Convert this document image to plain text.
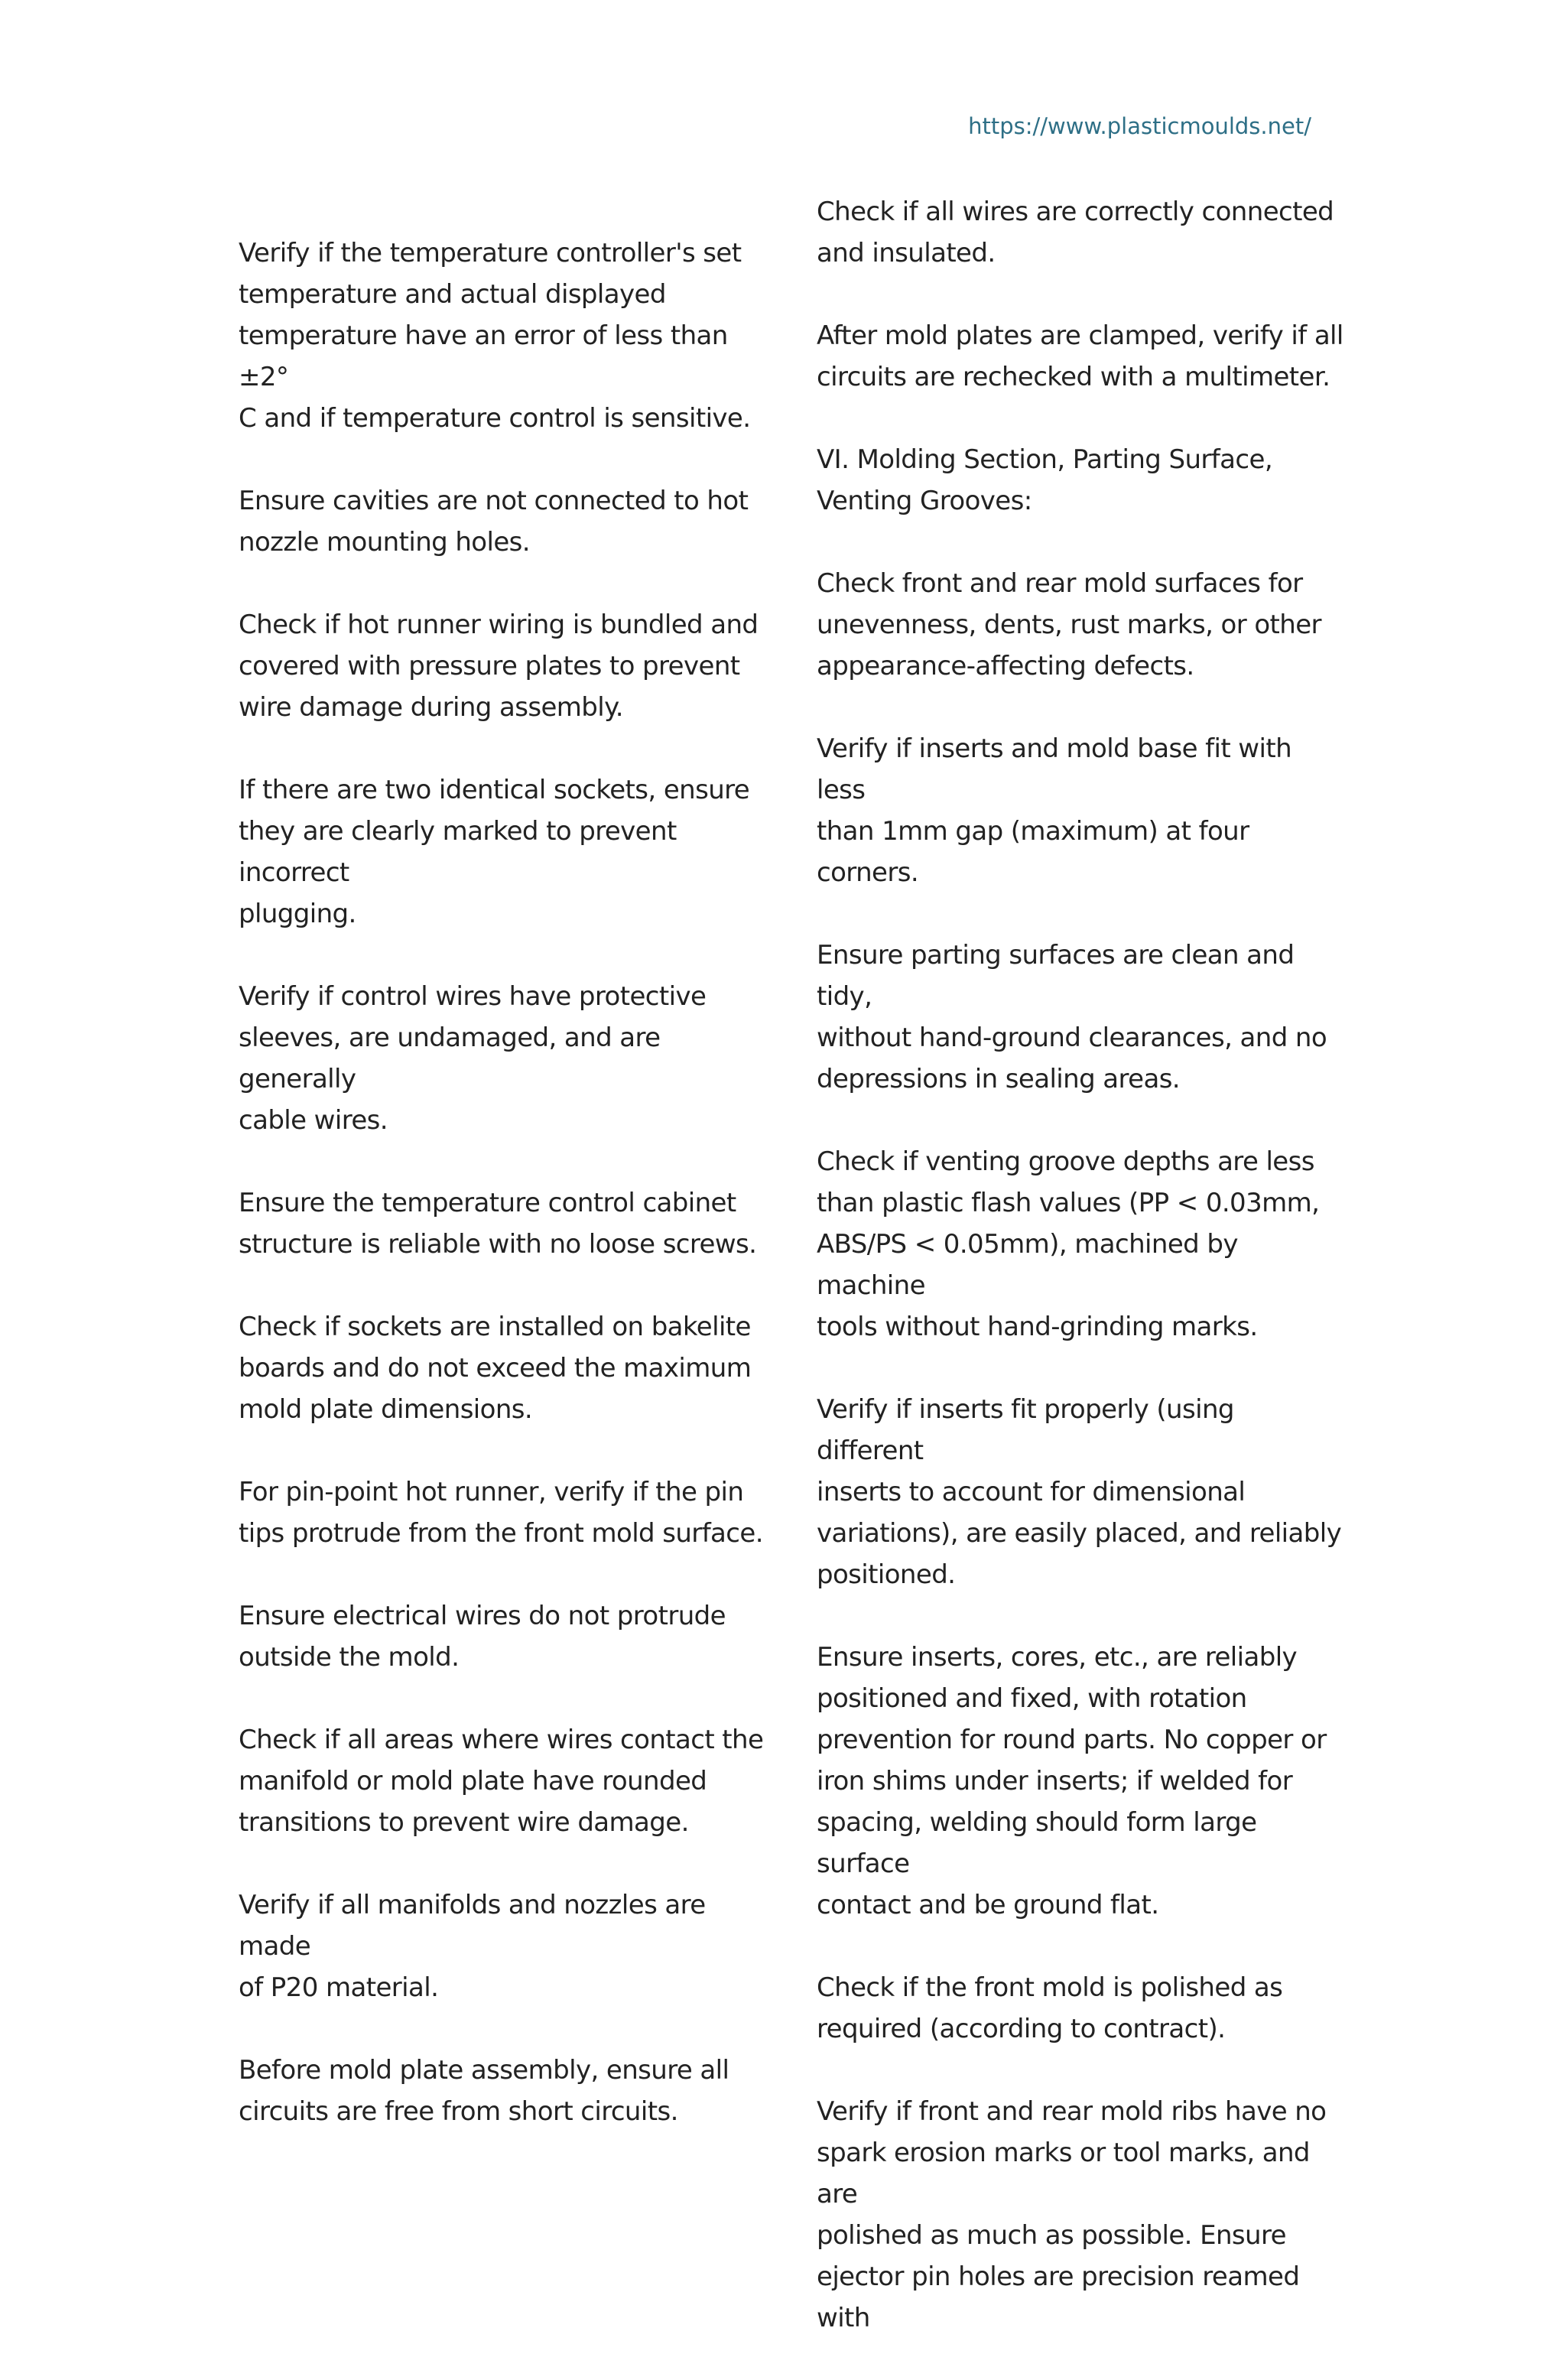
https://www.plasticmoulds.net/

Verify if the temperature controller's set
temperature and actual displayed
temperature have an error of less than ±2°
C and if temperature control is sensitive.

Ensure cavities are not connected to hot
nozzle mounting holes.

Check if hot runner wiring is bundled and
covered with pressure plates to prevent
wire damage during assembly.

If there are two identical sockets, ensure
they are clearly marked to prevent incorrect
plugging.

Verify if control wires have protective
sleeves, are undamaged, and are generally
cable wires.

Ensure the temperature control cabinet
structure is reliable with no loose screws.

Check if sockets are installed on bakelite
boards and do not exceed the maximum
mold plate dimensions.

For pin-point hot runner, verify if the pin
tips protrude from the front mold surface.

Ensure electrical wires do not protrude
outside the mold.

Check if all areas where wires contact the
manifold or mold plate have rounded
transitions to prevent wire damage.

Verify if all manifolds and nozzles are made
of P20 material.

Before mold plate assembly, ensure all
circuits are free from short circuits.

Check if all wires are correctly connected
and insulated.

After mold plates are clamped, verify if all
circuits are rechecked with a multimeter.

VI. Molding Section, Parting Surface,
Venting Grooves:

Check front and rear mold surfaces for
unevenness, dents, rust marks, or other
appearance-affecting defects.

Verify if inserts and mold base fit with less
than 1mm gap (maximum) at four corners.

Ensure parting surfaces are clean and tidy,
without hand-ground clearances, and no
depressions in sealing areas.

Check if venting groove depths are less
than plastic flash values (PP < 0.03mm,
ABS/PS < 0.05mm), machined by machine
tools without hand-grinding marks.

Verify if inserts fit properly (using different
inserts to account for dimensional
variations), are easily placed, and reliably
positioned.

Ensure inserts, cores, etc., are reliably
positioned and fixed, with rotation
prevention for round parts. No copper or
iron shims under inserts; if welded for
spacing, welding should form large surface
contact and be ground flat.

Check if the front mold is polished as
required (according to contract).

Verify if front and rear mold ribs have no
spark erosion marks or tool marks, and are
polished as much as possible. Ensure
ejector pin holes are precision reamed with
